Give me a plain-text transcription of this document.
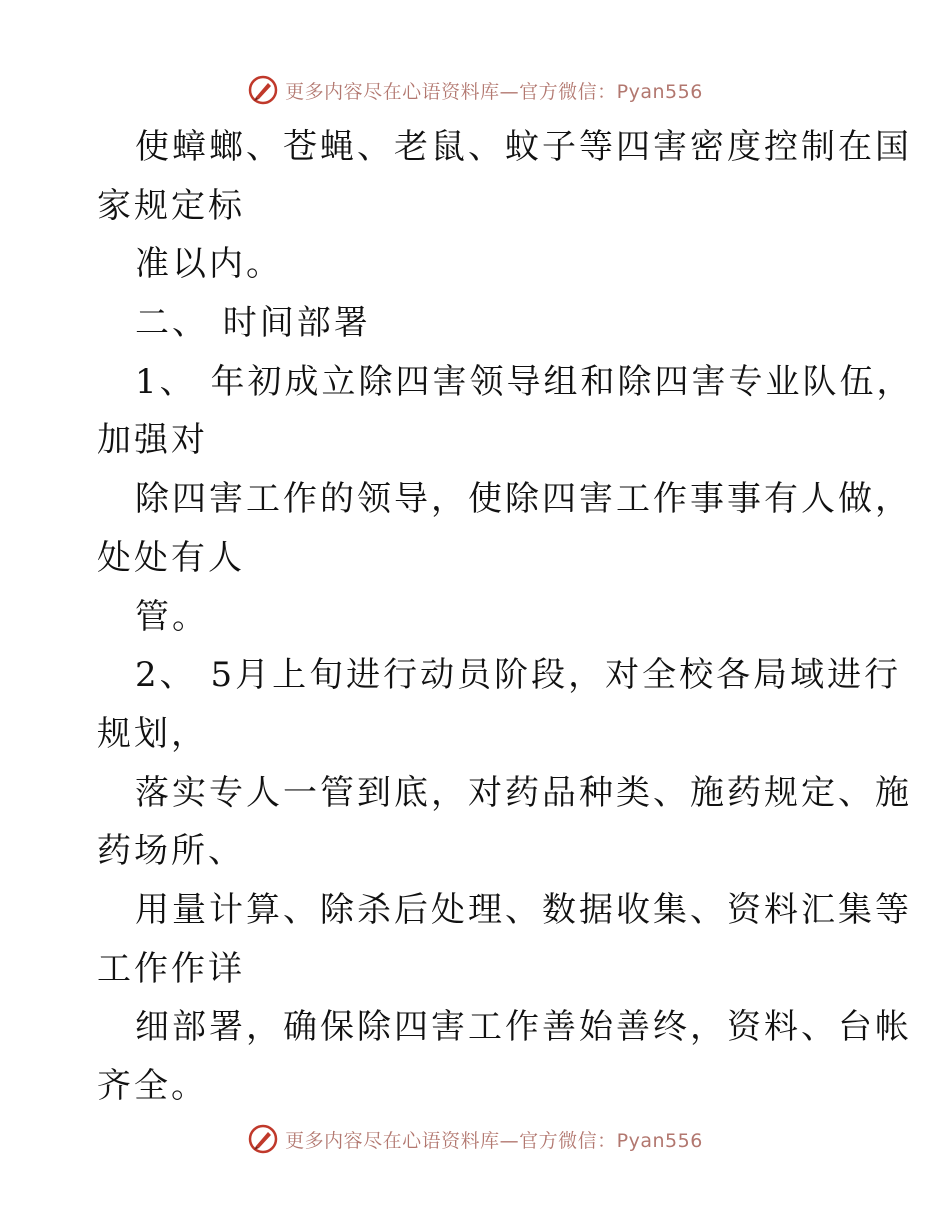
更多内容尽在心语资料库—官方微信：Pyan556
使蟑螂、苍蝇、老鼠、蚊子等四害密度控制在国
家规定标
准以内。
二、 时间部署
1、 年初成立除四害领导组和除四害专业队伍，
加强对
除四害工作的领导，使除四害工作事事有人做，
处处有人
管。
2、 5月上旬进行动员阶段，对全校各局域进行
规划，
落实专人一管到底，对药品种类、施药规定、施
药场所、
用量计算、除杀后处理、数据收集、资料汇集等
工作作详
细部署，确保除四害工作善始善终，资料、台帐
齐全。
更多内容尽在心语资料库—官方微信：Pyan556
